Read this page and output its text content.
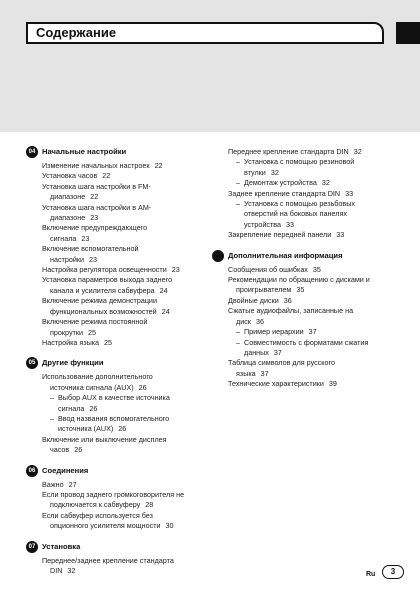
Содержание
04 Начальные настройки
Изменение начальных настроек 22
Установка часов 22
Установка шага настройки в FM-
диапазоне 22
Установка шага настройки в AM-
диапазоне 23
Включение предупреждающего
сигнала 23
Включение вспомогательной
настройки 23
Настройка регулятора освещенности 23
Установка параметров выхода заднего
канала и усилителя сабвуфера 24
Включение режима демонстрации
функциональных возможностей 24
Включение режима постоянной
прокрутки 25
Настройка языка 25
05 Другие функции
Использование дополнительного
источника сигнала (AUX) 26
– Выбор AUX в качестве источника
сигнала 26
– Ввод названия вспомогательного
источника (AUX) 26
Включение или выключение дисплея
часов 26
06 Соединения
Важно 27
Если провод заднего громкоговорителя не
подключается к сабвуферу 28
Если сабвуфер используется без
опционного усилителя мощности 30
07 Установка
Переднее/заднее крепление стандарта
DIN 32
Переднее крепление стандарта DIN 32
– Установка с помощью резиновой
втулки 32
– Демонтаж устройства 32
Заднее крепление стандарта DIN 33
– Установка с помощью резьбовых
отверстий на боковых панелях
устройства 33
Закрепление передней панели 33
Дополнительная информация
Сообщения об ошибках 35
Рекомендации по обращению с дисками и
проигрывателем 35
Двойные диски 36
Сжатые аудиофайлы, записанные на
диск 36
– Пример иерархии 37
– Совместимость с форматами сжатия
данных 37
Таблица символов для русского
языка 37
Технические характеристики 39
Ru	3
